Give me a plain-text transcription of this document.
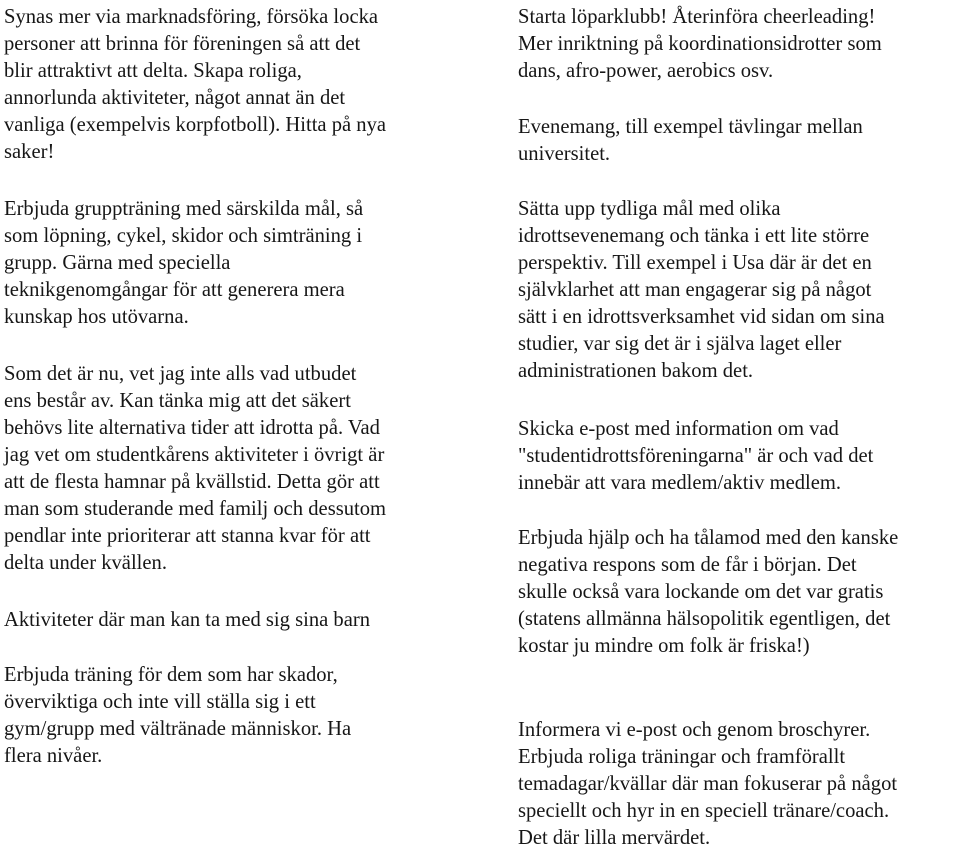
Synas mer via marknadsföring, försöka locka
personer att brinna för föreningen så att det
blir attraktivt att delta. Skapa roliga,
annorlunda aktiviteter, något annat än det
vanliga (exempelvis korpfotboll). Hitta på nya
saker!

Erbjuda gruppträning med särskilda mål, så
som löpning, cykel, skidor och simträning i
grupp. Gärna med speciella
teknikgenomgångar för att generera mera
kunskap hos utövarna.

Som det är nu, vet jag inte alls vad utbudet
ens består av. Kan tänka mig att det säkert
behövs lite alternativa tider att idrotta på. Vad
jag vet om studentkårens aktiviteter i övrigt är
att de flesta hamnar på kvällstid. Detta gör att
man som studerande med familj och dessutom
pendlar inte prioriterar att stanna kvar för att
delta under kvällen.

Aktiviteter där man kan ta med sig sina barn

Erbjuda träning för dem som har skador,
överviktiga och inte vill ställa sig i ett
gym/grupp med vältränade människor. Ha
flera nivåer.

Starta löparklubb! Återinföra cheerleading!
Mer inriktning på koordinationsidrotter som
dans, afro-power, aerobics osv.

Evenemang, till exempel tävlingar mellan
universitet.

Sätta upp tydliga mål med olika
idrottsevenemang och tänka i ett lite större
perspektiv. Till exempel i Usa där är det en
självklarhet att man engagerar sig på något
sätt i en idrottsverksamhet vid sidan om sina
studier, var sig det är i själva laget eller
administrationen bakom det.

Skicka e-post med information om vad
"studentidrottsföreningarna" är och vad det
innebär att vara medlem/aktiv medlem.

Erbjuda hjälp och ha tålamod med den kanske
negativa respons som de får i början. Det
skulle också vara lockande om det var gratis
(statens allmänna hälsopolitik egentligen, det
kostar ju mindre om folk är friska!)

Informera vi e-post och genom broschyrer.
Erbjuda roliga träningar och framförallt
temadagar/kvällar där man fokuserar på något
speciellt och hyr in en speciell tränare/coach.
Det där lilla mervärdet.
